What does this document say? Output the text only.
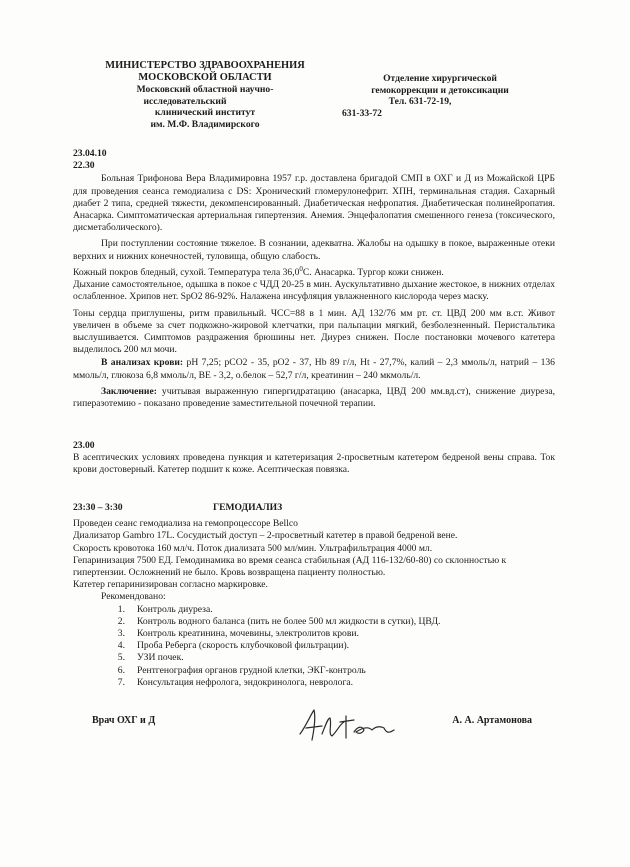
МИНИСТЕРСТВО ЗДРАВООХРАНЕНИЯ
МОСКОВСКОЙ ОБЛАСТИ
Московский областной научно-
исследовательский
клинический институт
им. М.Ф. Владимирского
Отделение хирургической
гемокоррекции и детоксикации
Тел. 631-72-19,
631-33-72
23.04.10
22.30

Больная Трифонова Вера Владимировна 1957 г.р. доставлена бригадой СМП в ОХГ и Д из Можайской ЦРБ для проведения сеанса гемодиализа с DS: Хронический гломерулонефрит. ХПН, терминальная стадия. Сахарный диабет 2 типа, средней тяжести, декомпенсированный. Диабетическая нефропатия. Диабетическая полинейропатия. Анасарка. Симптоматическая артериальная гипертензия. Анемия. Энцефалопатия смешенного генеза (токсического, дисметаболического).

При поступлении состояние тяжелое. В сознании, адекватна. Жалобы на одышку в покое, выраженные отеки верхних и нижних конечностей, туловища, общую слабость.

Кожный покров бледный, сухой. Температура тела 36,0$^0$С. Анасарка. Тургор кожи снижен.

Дыхание самостоятельное, одышка в покое с ЧДД 20-25 в мин. Аускультативно дыхание жестокое, в нижних отделах ослабленное. Хрипов нет. SpO2 86-92%. Налажена инсуфляция увлажненного кислорода через маску.

Тоны сердца приглушены, ритм правильный. ЧСС=88 в 1 мин. АД 132/76 мм рт. ст. ЦВД 200 мм в.ст. Живот увеличен в объеме за счет подкожно-жировой клетчатки, при пальпации мягкий, безболезненный. Перистальтика выслушивается. Симптомов раздражения брюшины нет. Диурез снижен. После постановки мочевого катетера выделилось 200 мл мочи.

В анализах крови: pH 7,25; pCO2 - 35, pO2 - 37, Hb 89 г/л, Ht - 27,7%, калий – 2,3 ммоль/л, натрий – 136 ммоль/л, глюкоза 6,8 ммоль/л, BE - 3,2, о.белок – 52,7 г/л, креатинин – 240 мкмоль/л.

Заключение: учитывая выраженную гипергидратацию (анасарка, ЦВД 200 мм.вд.ст), снижение диуреза, гиперазотемию - показано проведение заместительной почечной терапии.

23.00

В асептических условиях проведена пункция и катетеризация 2-просветным катетером бедреной вены справа. Ток крови достоверный. Катетер подшит к коже. Асептическая повязка.

23:30 – 3:30	ГЕМОДИАЛИЗ

Проведен сеанс гемодиализа на гемопроцессоре Bellco

Диализатор Gambro 17L. Сосудистый доступ – 2-просветный катетер в правой бедреной вене.

Скорость кровотока 160 мл/ч. Поток диализата 500 мл/мин. Ультрафильтрация 4000 мл.

Гепаринизация 7500 ЕД. Гемодинамика во время сеанса стабильная (АД 116-132/60-80) со склонностью к гипертензии. Осложнений не было. Кровь возвращена пациенту полностью.

Катетер гепаринизирован согласно маркировке.

Рекомендовано:

1.	Контроль диуреза.
2.	Контроль водного баланса (пить не более 500 мл жидкости в сутки), ЦВД.
3.	Контроль креатинина, мочевины, электролитов крови.
4.	Проба Реберга (скорость клубочковой фильтрации).
5.	УЗИ почек.
6.	Рентгенография органов грудной клетки, ЭКГ-контроль
7.	Консультация нефролога, эндокринолога, невролога.
Врач ОХГ и Д	А. А. Артамонова
